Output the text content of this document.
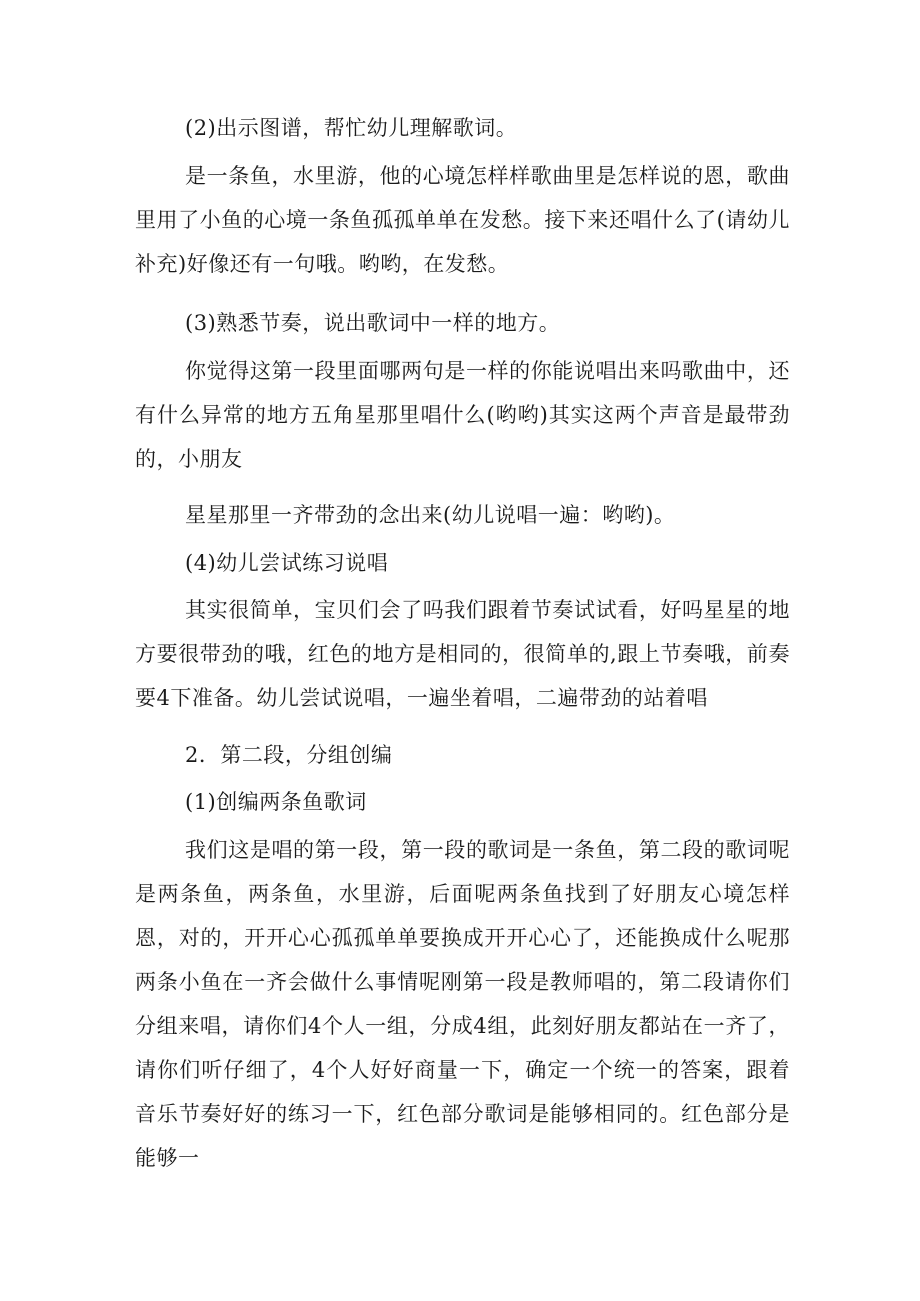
(2)出示图谱，帮忙幼儿理解歌词。

是一条鱼，水里游，他的心境怎样样歌曲里是怎样说的恩，歌曲里用了小鱼的心境一条鱼孤孤单单在发愁。接下来还唱什么了(请幼儿补充)好像还有一句哦。哟哟，在发愁。

(3)熟悉节奏，说出歌词中一样的地方。

你觉得这第一段里面哪两句是一样的你能说唱出来吗歌曲中，还有什么异常的地方五角星那里唱什么(哟哟)其实这两个声音是最带劲的，小朋友

星星那里一齐带劲的念出来(幼儿说唱一遍：哟哟)。

(4)幼儿尝试练习说唱

其实很简单，宝贝们会了吗我们跟着节奏试试看，好吗星星的地方要很带劲的哦，红色的地方是相同的，很简单的,跟上节奏哦，前奏要4下准备。幼儿尝试说唱，一遍坐着唱，二遍带劲的站着唱

2．第二段，分组创编

(1)创编两条鱼歌词

我们这是唱的第一段，第一段的歌词是一条鱼，第二段的歌词呢是两条鱼，两条鱼，水里游，后面呢两条鱼找到了好朋友心境怎样恩，对的，开开心心孤孤单单要换成开开心心了，还能换成什么呢那两条小鱼在一齐会做什么事情呢刚第一段是教师唱的，第二段请你们分组来唱，请你们4个人一组，分成4组，此刻好朋友都站在一齐了，请你们听仔细了，4个人好好商量一下，确定一个统一的答案，跟着音乐节奏好好的练习一下，红色部分歌词是能够相同的。红色部分是能够一
